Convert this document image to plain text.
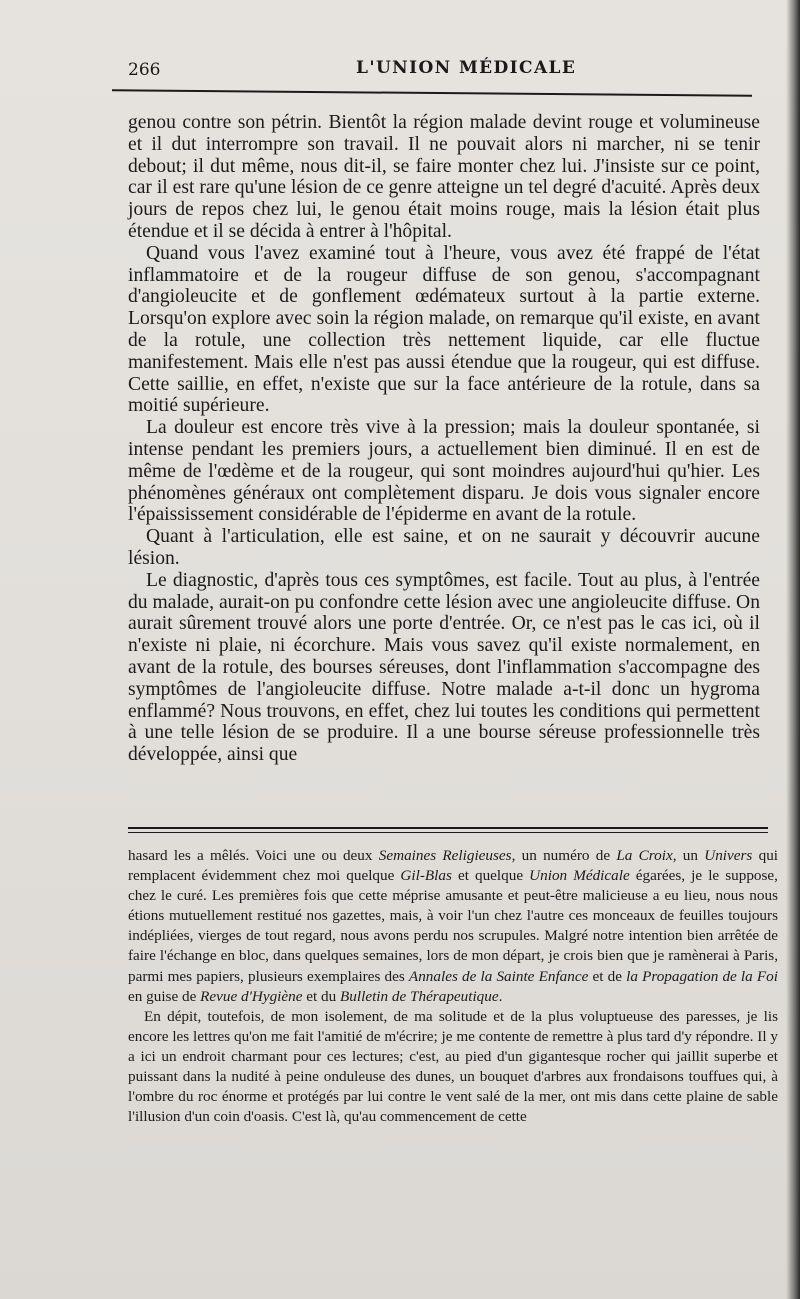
266	L'UNION MÉDICALE

genou contre son pétrin. Bientôt la région malade devint rouge et volumineuse et il dut interrompre son travail. Il ne pouvait alors ni marcher, ni se tenir debout; il dut même, nous dit-il, se faire monter chez lui. J'insiste sur ce point, car il est rare qu'une lésion de ce genre atteigne un tel degré d'acuité. Après deux jours de repos chez lui, le genou était moins rouge, mais la lésion était plus étendue et il se décida à entrer à l'hôpital.

Quand vous l'avez examiné tout à l'heure, vous avez été frappé de l'état inflammatoire et de la rougeur diffuse de son genou, s'accompagnant d'angioleucite et de gonflement œdémateux surtout à la partie externe. Lorsqu'on explore avec soin la région malade, on remarque qu'il existe, en avant de la rotule, une collection très nettement liquide, car elle fluctue manifestement. Mais elle n'est pas aussi étendue que la rougeur, qui est diffuse. Cette saillie, en effet, n'existe que sur la face antérieure de la rotule, dans sa moitié supérieure.

La douleur est encore très vive à la pression; mais la douleur spontanée, si intense pendant les premiers jours, a actuellement bien diminué. Il en est de même de l'œdème et de la rougeur, qui sont moindres aujourd'hui qu'hier. Les phénomènes généraux ont complètement disparu. Je dois vous signaler encore l'épaississement considérable de l'épiderme en avant de la rotule.

Quant à l'articulation, elle est saine, et on ne saurait y découvrir aucune lésion.

Le diagnostic, d'après tous ces symptômes, est facile. Tout au plus, à l'entrée du malade, aurait-on pu confondre cette lésion avec une angioleucite diffuse. On aurait sûrement trouvé alors une porte d'entrée. Or, ce n'est pas le cas ici, où il n'existe ni plaie, ni écorchure. Mais vous savez qu'il existe normalement, en avant de la rotule, des bourses séreuses, dont l'inflammation s'accompagne des symptômes de l'angioleucite diffuse. Notre malade a-t-il donc un hygroma enflammé? Nous trouvons, en effet, chez lui toutes les conditions qui permettent à une telle lésion de se produire. Il a une bourse séreuse professionnelle très développée, ainsi que

hasard les a mêlés. Voici une ou deux Semaines Religieuses, un numéro de La Croix, un Univers qui remplacent évidemment chez moi quelque Gil-Blas et quelque Union Médicale égarées, je le suppose, chez le curé. Les premières fois que cette méprise amusante et peut-être malicieuse a eu lieu, nous nous étions mutuellement restitué nos gazettes, mais, à voir l'un chez l'autre ces monceaux de feuilles toujours indépliées, vierges de tout regard, nous avons perdu nos scrupules. Malgré notre intention bien arrêtée de faire l'échange en bloc, dans quelques semaines, lors de mon départ, je crois bien que je ramènerai à Paris, parmi mes papiers, plusieurs exemplaires des Annales de la Sainte Enfance et de la Propagation de la Foi en guise de Revue d'Hygiène et du Bulletin de Thérapeutique.

En dépit, toutefois, de mon isolement, de ma solitude et de la plus voluptueuse des paresses, je lis encore les lettres qu'on me fait l'amitié de m'écrire; je me contente de remettre à plus tard d'y répondre. Il y a ici un endroit charmant pour ces lectures; c'est, au pied d'un gigantesque rocher qui jaillit superbe et puissant dans la nudité à peine onduleuse des dunes, un bouquet d'arbres aux frondaisons touffues qui, à l'ombre du roc énorme et protégés par lui contre le vent salé de la mer, ont mis dans cette plaine de sable l'illusion d'un coin d'oasis. C'est là, qu'au commencement de cette
